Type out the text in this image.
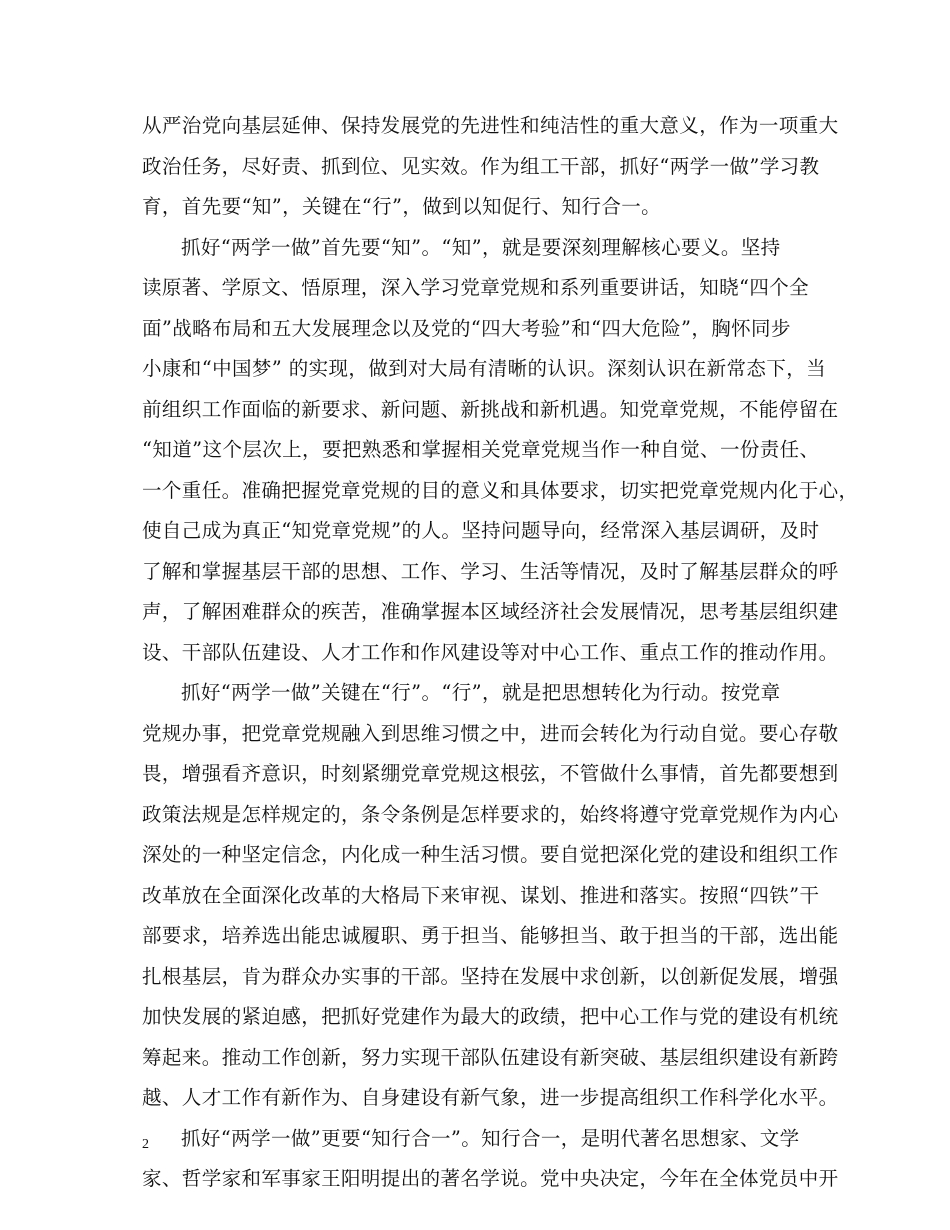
从严治党向基层延伸、保持发展党的先进性和纯洁性的重大意义，作为一项重大
政治任务，尽好责、抓到位、见实效。作为组工干部，抓好“两学一做”学习教
育，首先要“知”，关键在“行”，做到以知促行、知行合一。
抓好“两学一做”首先要“知”。“知”，就是要深刻理解核心要义。坚持
读原著、学原文、悟原理，深入学习党章党规和系列重要讲话，知晓“四个全
面”战略布局和五大发展理念以及党的“四大考验”和“四大危险”，胸怀同步
小康和“中国梦” 的实现，做到对大局有清晰的认识。深刻认识在新常态下，当
前组织工作面临的新要求、新问题、新挑战和新机遇。知党章党规，不能停留在
“知道”这个层次上，要把熟悉和掌握相关党章党规当作一种自觉、一份责任、
一个重任。准确把握党章党规的目的意义和具体要求，切实把党章党规内化于心，
使自己成为真正“知党章党规”的人。坚持问题导向，经常深入基层调研，及时
了解和掌握基层干部的思想、工作、学习、生活等情况，及时了解基层群众的呼
声，了解困难群众的疾苦，准确掌握本区域经济社会发展情况，思考基层组织建
设、干部队伍建设、人才工作和作风建设等对中心工作、重点工作的推动作用。
抓好“两学一做”关键在“行”。“行”，就是把思想转化为行动。按党章
党规办事，把党章党规融入到思维习惯之中，进而会转化为行动自觉。要心存敬
畏，增强看齐意识，时刻紧绷党章党规这根弦，不管做什么事情，首先都要想到
政策法规是怎样规定的，条令条例是怎样要求的，始终将遵守党章党规作为内心
深处的一种坚定信念，内化成一种生活习惯。要自觉把深化党的建设和组织工作
改革放在全面深化改革的大格局下来审视、谋划、推进和落实。按照“四铁”干
部要求，培养选出能忠诚履职、勇于担当、能够担当、敢于担当的干部，选出能
扎根基层，肯为群众办实事的干部。坚持在发展中求创新，以创新促发展，增强
加快发展的紧迫感，把抓好党建作为最大的政绩，把中心工作与党的建设有机统
筹起来。推动工作创新，努力实现干部队伍建设有新突破、基层组织建设有新跨
越、人才工作有新作为、自身建设有新气象，进一步提高组织工作科学化水平。
抓好“两学一做”更要“知行合一”。知行合一，是明代著名思想家、文学
家、哲学家和军事家王阳明提出的著名学说。党中央决定，今年在全体党员中开
2
